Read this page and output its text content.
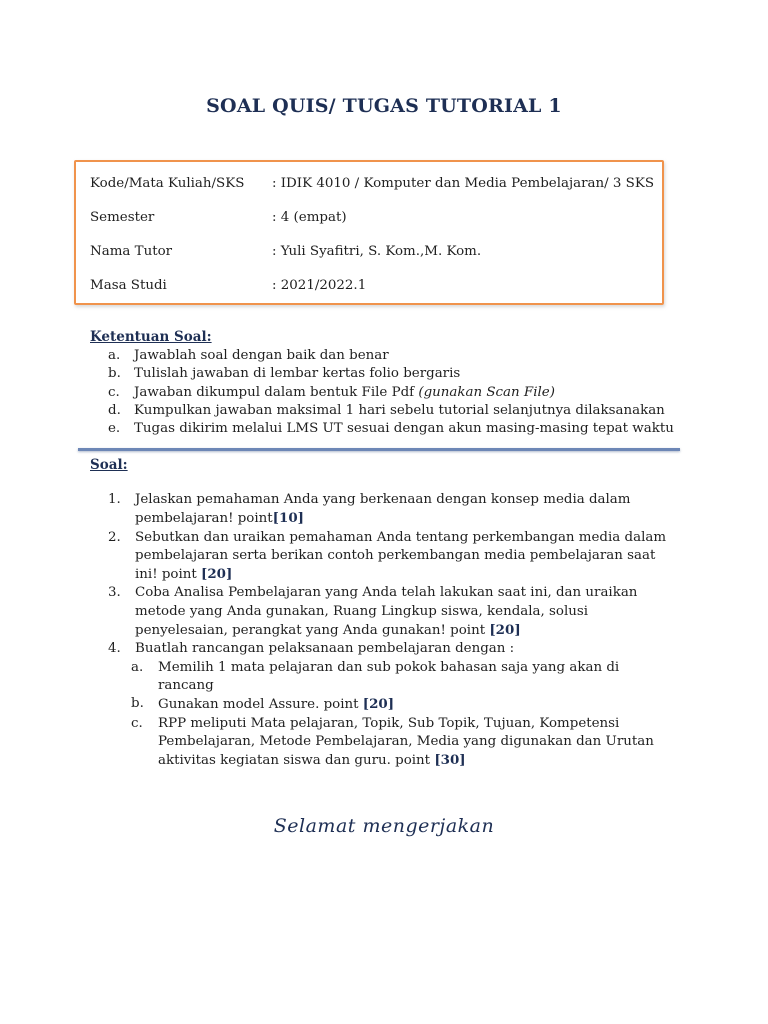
SOAL QUIS/ TUGAS TUTORIAL 1
Kode/Mata Kuliah/SKS	: IDIK 4010 / Komputer dan Media Pembelajaran/ 3 SKS
Semester	: 4 (empat)
Nama Tutor	: Yuli Syafitri, S. Kom.,M. Kom.
Masa Studi	: 2021/2022.1
Ketentuan Soal:
a.	Jawablah soal dengan baik dan benar
b. Tulislah jawaban di lembar kertas folio bergaris
c.	Jawaban dikumpul dalam bentuk File Pdf (gunakan Scan File)
d. Kumpulkan jawaban maksimal 1 hari sebelu tutorial selanjutnya dilaksanakan
e.	Tugas dikirim melalui LMS UT sesuai dengan akun masing-masing tepat waktu
Soal:
1.	Jelaskan pemahaman Anda yang berkenaan dengan konsep media dalam pembelajaran! point[10]
2.	Sebutkan dan uraikan pemahaman Anda tentang perkembangan media dalam pembelajaran serta berikan contoh perkembangan media pembelajaran saat ini! point [20]
3.	Coba Analisa Pembelajaran yang Anda telah lakukan saat ini, dan uraikan metode yang Anda gunakan, Ruang Lingkup siswa, kendala, solusi penyelesaian, perangkat yang Anda gunakan! point [20]
4.	Buatlah rancangan pelaksanaan pembelajaran dengan :
a.	Memilih 1 mata pelajaran dan sub pokok bahasan saja yang akan di rancang
b.	Gunakan model Assure. point [20]
c.	RPP meliputi Mata pelajaran, Topik, Sub Topik, Tujuan, Kompetensi Pembelajaran, Metode Pembelajaran, Media yang digunakan dan Urutan aktivitas kegiatan siswa dan guru. point [30]
Selamat mengerjakan
